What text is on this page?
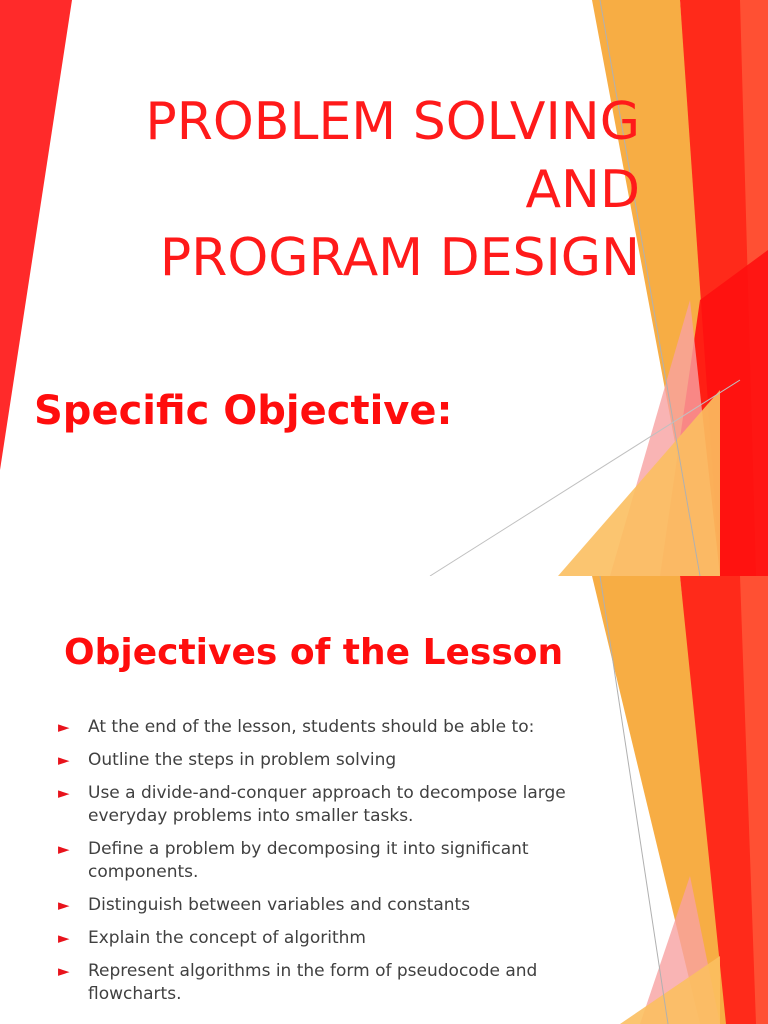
PROBLEM SOLVING
AND
PROGRAM DESIGN
Specific Objective:
Objectives of the Lesson
► At the end of the lesson, students should be able to:
► Outline the steps in problem solving
► Use a divide-and-conquer approach to decompose large everyday problems into smaller tasks.
► Define a problem by decomposing it into significant components.
► Distinguish between variables and constants
► Explain the concept of algorithm
► Represent algorithms in the form of pseudocode and flowcharts.
